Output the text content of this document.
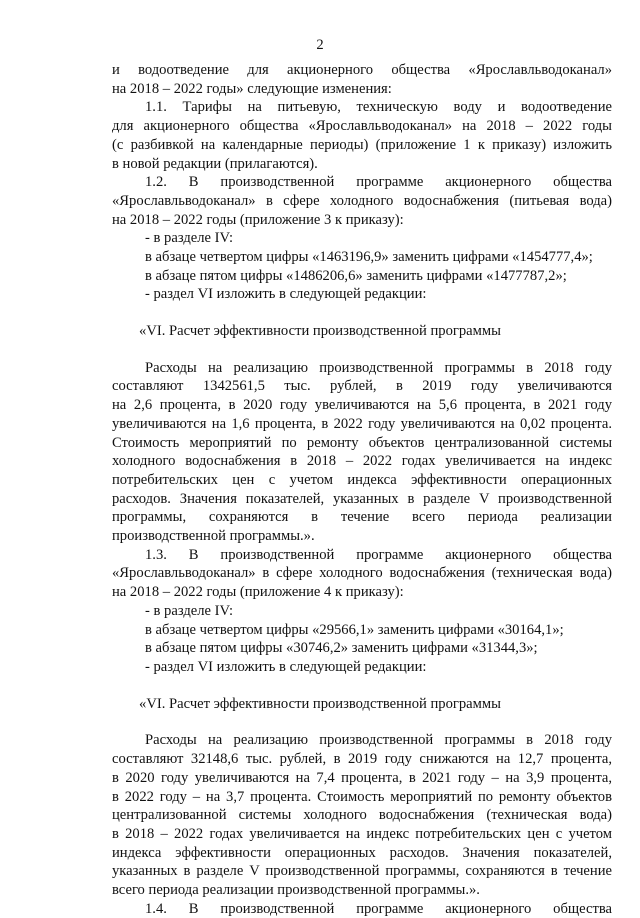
2
и водоотведение для акционерного общества «Ярославльводоканал»
на 2018 – 2022 годы» следующие изменения:
1.1. Тарифы на питьевую, техническую воду и водоотведение
для акционерного общества «Ярославльводоканал» на 2018 – 2022 годы
(с разбивкой на календарные периоды) (приложение 1 к приказу) изложить
в новой редакции (прилагаются).
1.2. В производственной программе акционерного общества
«Ярославльводоканал» в сфере холодного водоснабжения (питьевая вода)
на 2018 – 2022 годы (приложение 3 к приказу):
- в разделе IV:
в абзаце четвертом цифры «1463196,9» заменить цифрами «1454777,4»;
в абзаце пятом цифры «1486206,6» заменить цифрами «1477787,2»;
- раздел VI изложить в следующей редакции:
«VI. Расчет эффективности производственной программы
Расходы на реализацию производственной программы в 2018 году
составляют 1342561,5 тыс. рублей, в 2019 году увеличиваются
на 2,6 процента, в 2020 году увеличиваются на 5,6 процента, в 2021 году
увеличиваются на 1,6 процента, в 2022 году увеличиваются на 0,02 процента.
Стоимость мероприятий по ремонту объектов централизованной системы
холодного водоснабжения в 2018 – 2022 годах увеличивается на индекс
потребительских цен с учетом индекса эффективности операционных
расходов. Значения показателей, указанных в разделе V производственной
программы, сохраняются в течение всего периода реализации
производственной программы.».
1.3. В производственной программе акционерного общества
«Ярославльводоканал» в сфере холодного водоснабжения (техническая вода)
на 2018 – 2022 годы (приложение 4 к приказу):
- в разделе IV:
в абзаце четвертом цифры «29566,1» заменить цифрами «30164,1»;
в абзаце пятом цифры «30746,2» заменить цифрами «31344,3»;
- раздел VI изложить в следующей редакции:
«VI. Расчет эффективности производственной программы
Расходы на реализацию производственной программы в 2018 году
составляют 32148,6 тыс. рублей, в 2019 году снижаются на 12,7 процента,
в 2020 году увеличиваются на 7,4 процента, в 2021 году – на 3,9 процента,
в 2022 году – на 3,7 процента. Стоимость мероприятий по ремонту объектов
централизованной системы холодного водоснабжения (техническая вода)
в 2018 – 2022 годах увеличивается на индекс потребительских цен с учетом
индекса эффективности операционных расходов. Значения показателей,
указанных в разделе V производственной программы, сохраняются в течение
всего периода реализации производственной программы.».
1.4. В производственной программе акционерного общества
